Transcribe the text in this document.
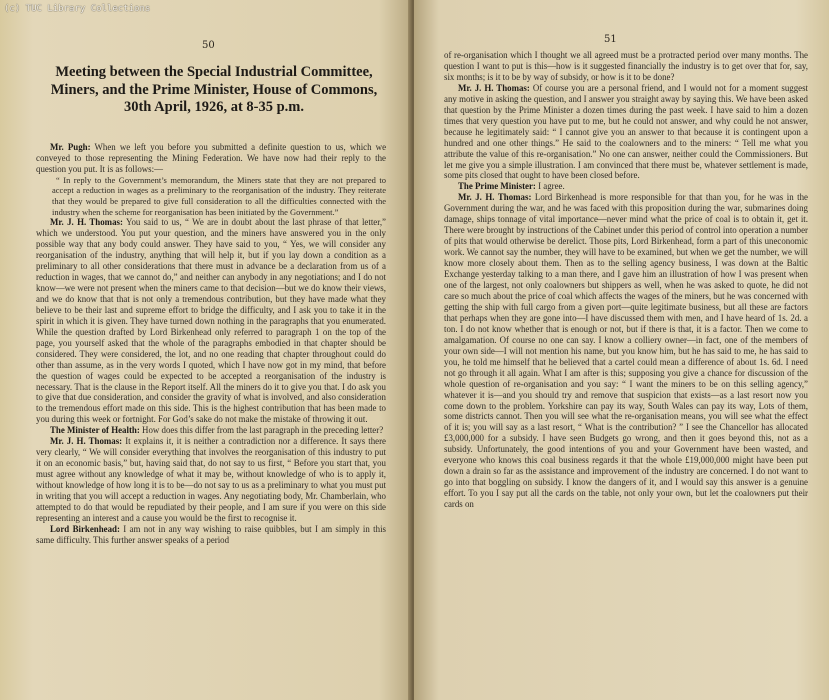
(c) TUC Library Collections
50
Meeting between the Special Industrial Committee, Miners, and the Prime Minister, House of Commons, 30th April, 1926, at 8-35 p.m.

Mr. Pugh: When we left you before you submitted a definite question to us, which we conveyed to those representing the Mining Federation. We have now had their reply to the question you put. It is as follows:—

“ In reply to the Government’s memorandum, the Miners state that they are not prepared to accept a reduction in wages as a preliminary to the reorganisation of the industry. They reiterate that they would be prepared to give full consideration to all the difficulties connected with the industry when the scheme for reorganisation has been initiated by the Government.”

Mr. J. H. Thomas: You said to us, “ We are in doubt about the last phrase of that letter,” which we understood. You put your question, and the miners have answered you in the only possible way that any body could answer. They have said to you, “ Yes, we will consider any reorganisation of the industry, anything that will help it, but if you lay down a condition as a preliminary to all other considerations that there must in advance be a declaration from us of a reduction in wages, that we cannot do,” and neither can anybody in any negotiations; and I do not know—we were not present when the miners came to that decision—but we do know their views, and we do know that that is not only a tremendous contribution, but they have made what they believe to be their last and supreme effort to bridge the difficulty, and I ask you to take it in the spirit in which it is given. They have turned down nothing in the paragraphs that you enumerated. While the question drafted by Lord Birkenhead only referred to paragraph 1 on the top of the page, you yourself asked that the whole of the paragraphs embodied in that chapter should be considered. They were considered, the lot, and no one reading that chapter throughout could do other than assume, as in the very words I quoted, which I have now got in my mind, that before the question of wages could be expected to be accepted a reorganisation of the industry is necessary. That is the clause in the Report itself. All the miners do it to give you that. I do ask you to give that due consideration, and consider the gravity of what is involved, and also consideration to the tremendous effort made on this side. This is the highest contribution that has been made to you during this week or fortnight. For God’s sake do not make the mistake of throwing it out.

The Minister of Health: How does this differ from the last paragraph in the preceding letter?

Mr. J. H. Thomas: It explains it, it is neither a contradiction nor a difference. It says there very clearly, “ We will consider everything that involves the reorganisation of this industry to put it on an economic basis,” but, having said that, do not say to us first, “ Before you start that, you must agree without any knowledge of what it may be, without knowledge of who is to apply it, without knowledge of how long it is to be—do not say to us as a preliminary to what you must put in writing that you will accept a reduction in wages. Any negotiating body, Mr. Chamberlain, who attempted to do that would be repudiated by their people, and I am sure if you were on this side representing an interest and a cause you would be the first to recognise it.

Lord Birkenhead: I am not in any way wishing to raise quibbles, but I am simply in this same difficulty. This further answer speaks of a period

51

of re-organisation which I thought we all agreed must be a protracted period over many months. The question I want to put is this—how is it suggested financially the industry is to get over that for, say, six months; is it to be by way of subsidy, or how is it to be done?

Mr. J. H. Thomas: Of course you are a personal friend, and I would not for a moment suggest any motive in asking the question, and I answer you straight away by saying this. We have been asked that question by the Prime Minister a dozen times during the past week. I have said to him a dozen times that very question you have put to me, but he could not answer, and why could he not answer, because he legitimately said: “ I cannot give you an answer to that because it is contingent upon a hundred and one other things.” He said to the coalowners and to the miners: “ Tell me what you attribute the value of this re-organisation.” No one can answer, neither could the Commissioners. But let me give you a simple illustration. I am convinced that there must be, whatever settlement is made, some pits closed that ought to have been closed before.

The Prime Minister: I agree.

Mr. J. H. Thomas: Lord Birkenhead is more responsible for that than you, for he was in the Government during the war, and he was faced with this proposition during the war, submarines doing damage, ships tonnage of vital importance—never mind what the price of coal is to obtain it, get it. There were brought by instructions of the Cabinet under this period of control into operation a number of pits that would otherwise be derelict. Those pits, Lord Birkenhead, form a part of this uneconomic work. We cannot say the number, they will have to be examined, but when we get the number, we will know more closely about them. Then as to the selling agency business, I was down at the Baltic Exchange yesterday talking to a man there, and I gave him an illustration of how I was present when one of the largest, not only coalowners but shippers as well, when he was asked to quote, he did not care so much about the price of coal which affects the wages of the miners, but he was concerned with getting the ship with full cargo from a given port—quite legitimate business, but all these are factors that perhaps when they are gone into—I have discussed them with men, and I have heard of 1s. 2d. a ton. I do not know whether that is enough or not, but if there is that, it is a factor. Then we come to amalgamation. Of course no one can say. I know a colliery owner—in fact, one of the members of your own side—I will not mention his name, but you know him, but he has said to me, he has said to you, he told me himself that he believed that a cartel could mean a difference of about 1s. 6d. I need not go through it all again. What I am after is this; supposing you give a chance for discussion of the whole question of re-organisation and you say: “ I want the miners to be on this selling agency,” whatever it is—and you should try and remove that suspicion that exists—as a last resort now you come down to the problem. Yorkshire can pay its way, South Wales can pay its way, Lots of them, some districts cannot. Then you will see what the re-organisation means, you will see what the effect of it is; you will say as a last resort, “ What is the contribution? ” I see the Chancellor has allocated £3,000,000 for a subsidy. I have seen Budgets go wrong, and then it goes beyond this, not as a subsidy. Unfortunately, the good intentions of you and your Government have been wasted, and everyone who knows this coal business regards it that the whole £19,000,000 might have been put down a drain so far as the assistance and improvement of the industry are concerned. I do not want to go into that boggling on subsidy. I know the dangers of it, and I would say this answer is a genuine effort. To you I say put all the cards on the table, not only your own, but let the coalowners put their cards on
